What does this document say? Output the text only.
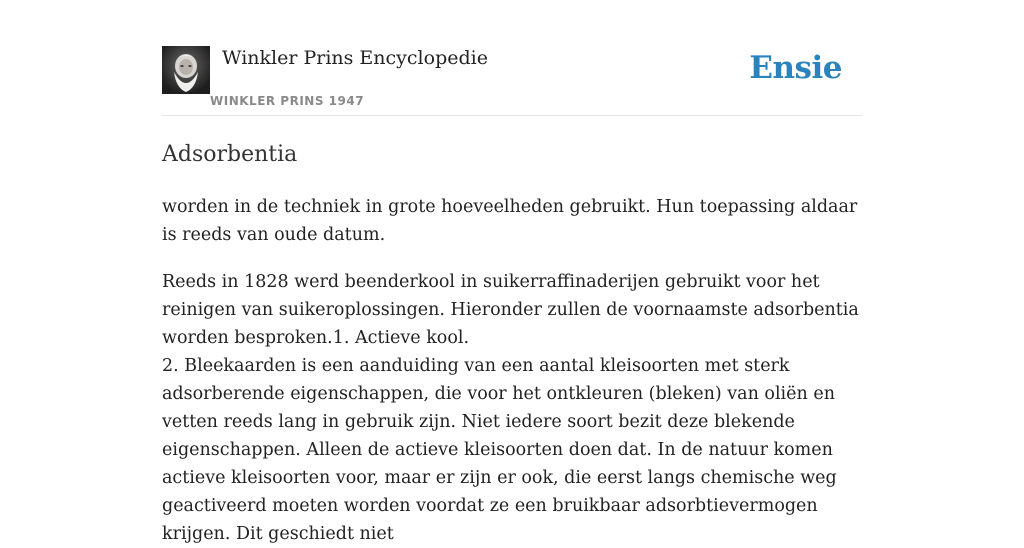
Winkler Prins Encyclopedie
WINKLER PRINS 1947
Ensie
Adsorbentia

worden in de techniek in grote hoeveelheden gebruikt. Hun toepassing aldaar is reeds van oude datum.

Reeds in 1828 werd beenderkool in suikerraffinaderijen gebruikt voor het reinigen van suikeroplossingen. Hieronder zullen de voornaamste adsorbentia worden besproken.1. Actieve kool.
2. Bleekaarden is een aanduiding van een aantal kleisoorten met sterk adsorberende eigenschappen, die voor het ontkleuren (bleken) van oliën en vetten reeds lang in gebruik zijn. Niet iedere soort bezit deze blekende eigenschappen. Alleen de actieve kleisoorten doen dat. In de natuur komen actieve kleisoorten voor, maar er zijn er ook, die eerst langs chemische weg geactiveerd moeten worden voordat ze een bruikbaar adsorbtievermogen krijgen. Dit geschiedt niet
